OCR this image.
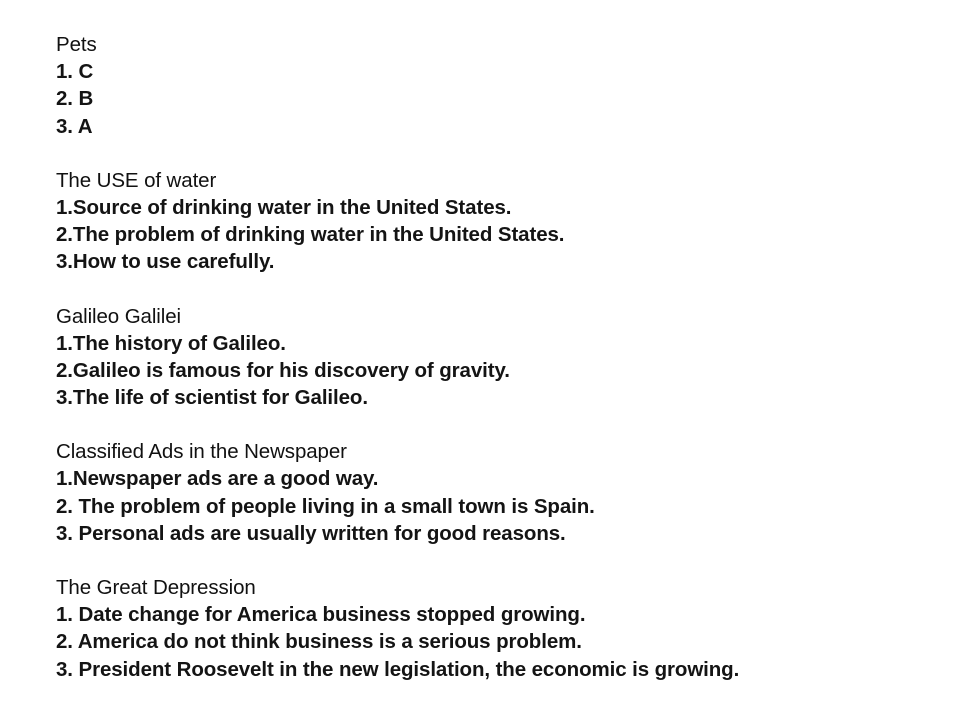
Pets
1. C
2. B
3. A
The USE of water
1.Source of drinking water in the United States.
2.The problem of drinking water in the United States.
3.How to use carefully.
Galileo Galilei
1.The history of Galileo.
2.Galileo is famous for his discovery of gravity.
3.The life of scientist for Galileo.
Classified Ads in the Newspaper
1.Newspaper ads are a good way.
2. The problem of people living in a small town is Spain.
3. Personal ads are usually written for good reasons.
The Great Depression
1. Date change for America business stopped growing.
2. America do not think business is a serious problem.
3. President Roosevelt in the new legislation, the economic is growing.
